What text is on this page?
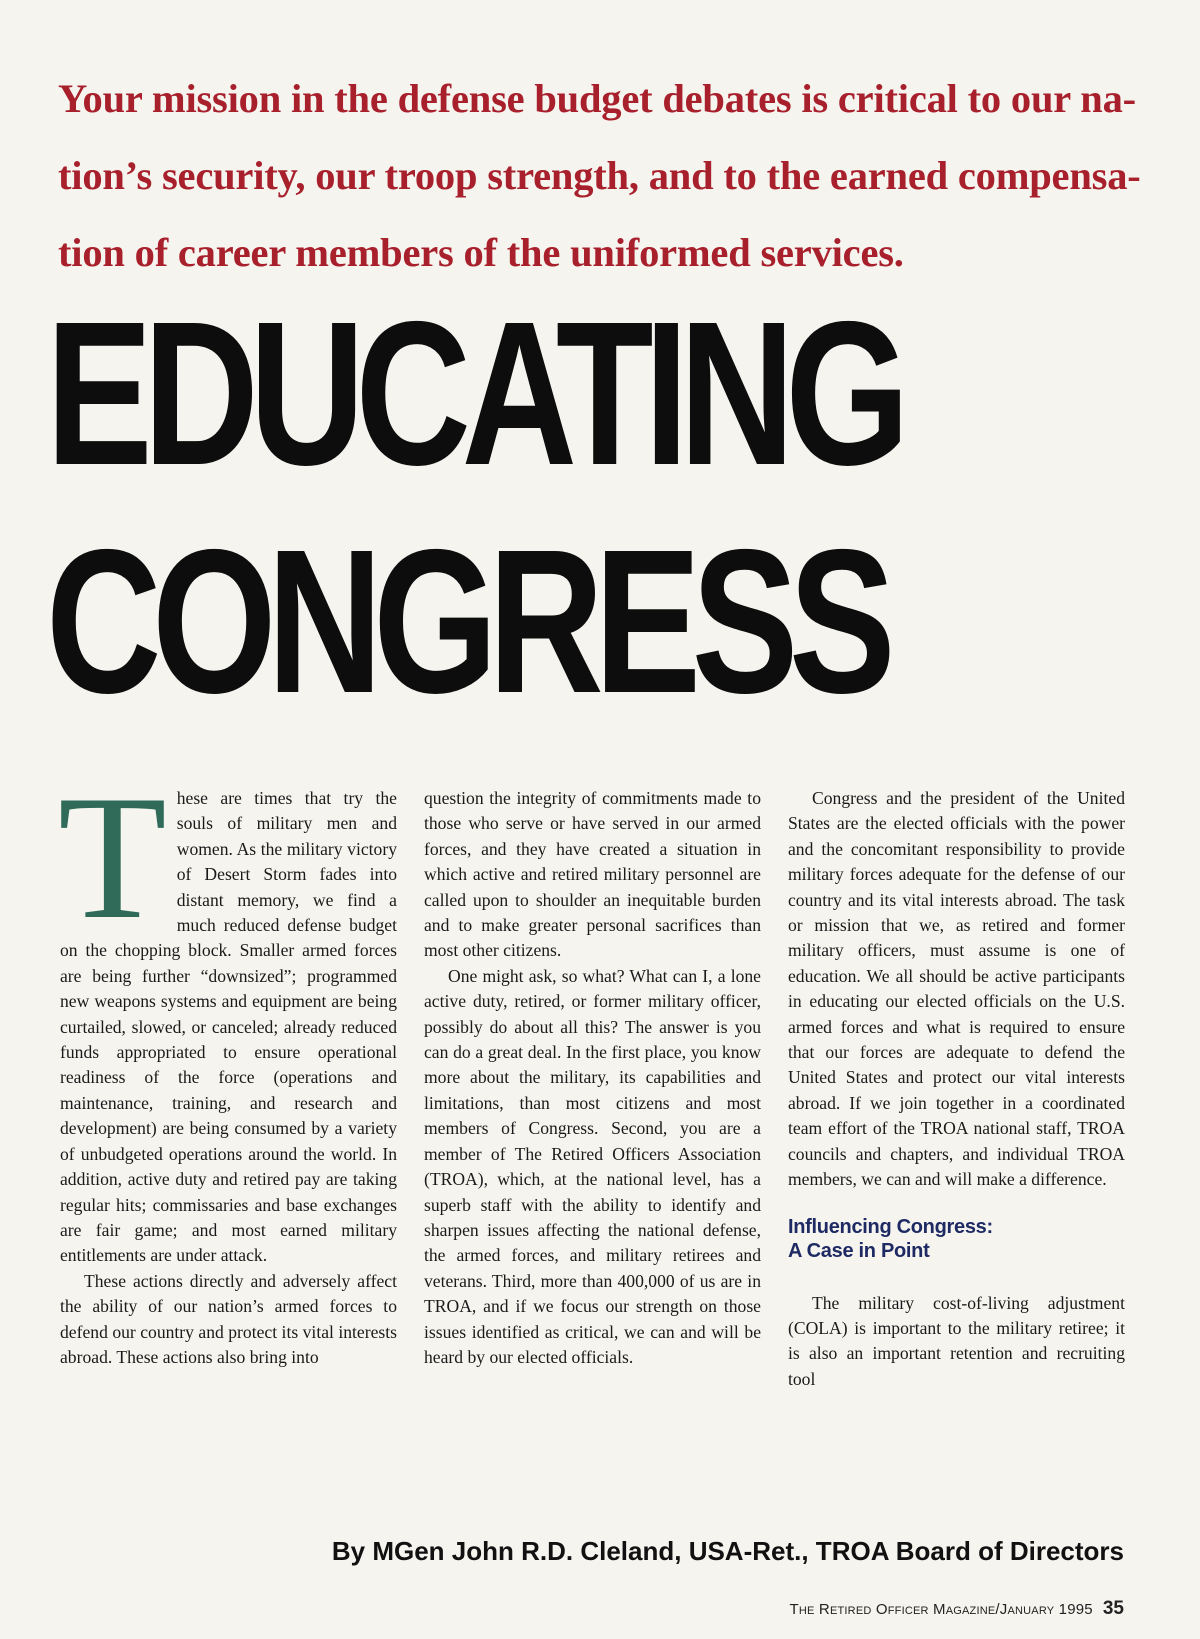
Your mission in the defense budget debates is critical to our na-
tion’s security, our troop strength, and to the earned compensa-
tion of career members of the uniformed services.
EDUCATING
CONGRESS

These are times that try the souls of military men and women. As the military victory of Desert Storm fades into distant memory, we find a much reduced defense budget on the chopping block. Smaller armed forces are being further “downsized”; programmed new weapons systems and equipment are being curtailed, slowed, or canceled; already reduced funds appropriated to ensure operational readiness of the force (operations and maintenance, training, and research and development) are being consumed by a variety of unbudgeted operations around the world. In addition, active duty and retired pay are taking regular hits; commissaries and base exchanges are fair game; and most earned military entitlements are under attack.

These actions directly and adversely affect the ability of our nation’s armed forces to defend our country and protect its vital interests abroad. These actions also bring into

question the integrity of commitments made to those who serve or have served in our armed forces, and they have created a situation in which active and retired military personnel are called upon to shoulder an inequitable burden and to make greater personal sacrifices than most other citizens.

One might ask, so what? What can I, a lone active duty, retired, or former military officer, possibly do about all this? The answer is you can do a great deal. In the first place, you know more about the military, its capabilities and limitations, than most citizens and most members of Congress. Second, you are a member of The Retired Officers Association (TROA), which, at the national level, has a superb staff with the ability to identify and sharpen issues affecting the national defense, the armed forces, and military retirees and veterans. Third, more than 400,000 of us are in TROA, and if we focus our strength on those issues identified as critical, we can and will be heard by our elected officials.

Congress and the president of the United States are the elected officials with the power and the concomitant responsibility to provide military forces adequate for the defense of our country and its vital interests abroad. The task or mission that we, as retired and former military officers, must assume is one of education. We all should be active participants in educating our elected officials on the U.S. armed forces and what is required to ensure that our forces are adequate to defend the United States and protect our vital interests abroad. If we join together in a coordinated team effort of the TROA national staff, TROA councils and chapters, and individual TROA members, we can and will make a difference.

Influencing Congress:
A Case in Point

The military cost-of-living adjustment (COLA) is important to the military retiree; it is also an important retention and recruiting tool

By MGen John R.D. Cleland, USA-Ret., TROA Board of Directors
The Retired Officer Magazine/January 1995 35
